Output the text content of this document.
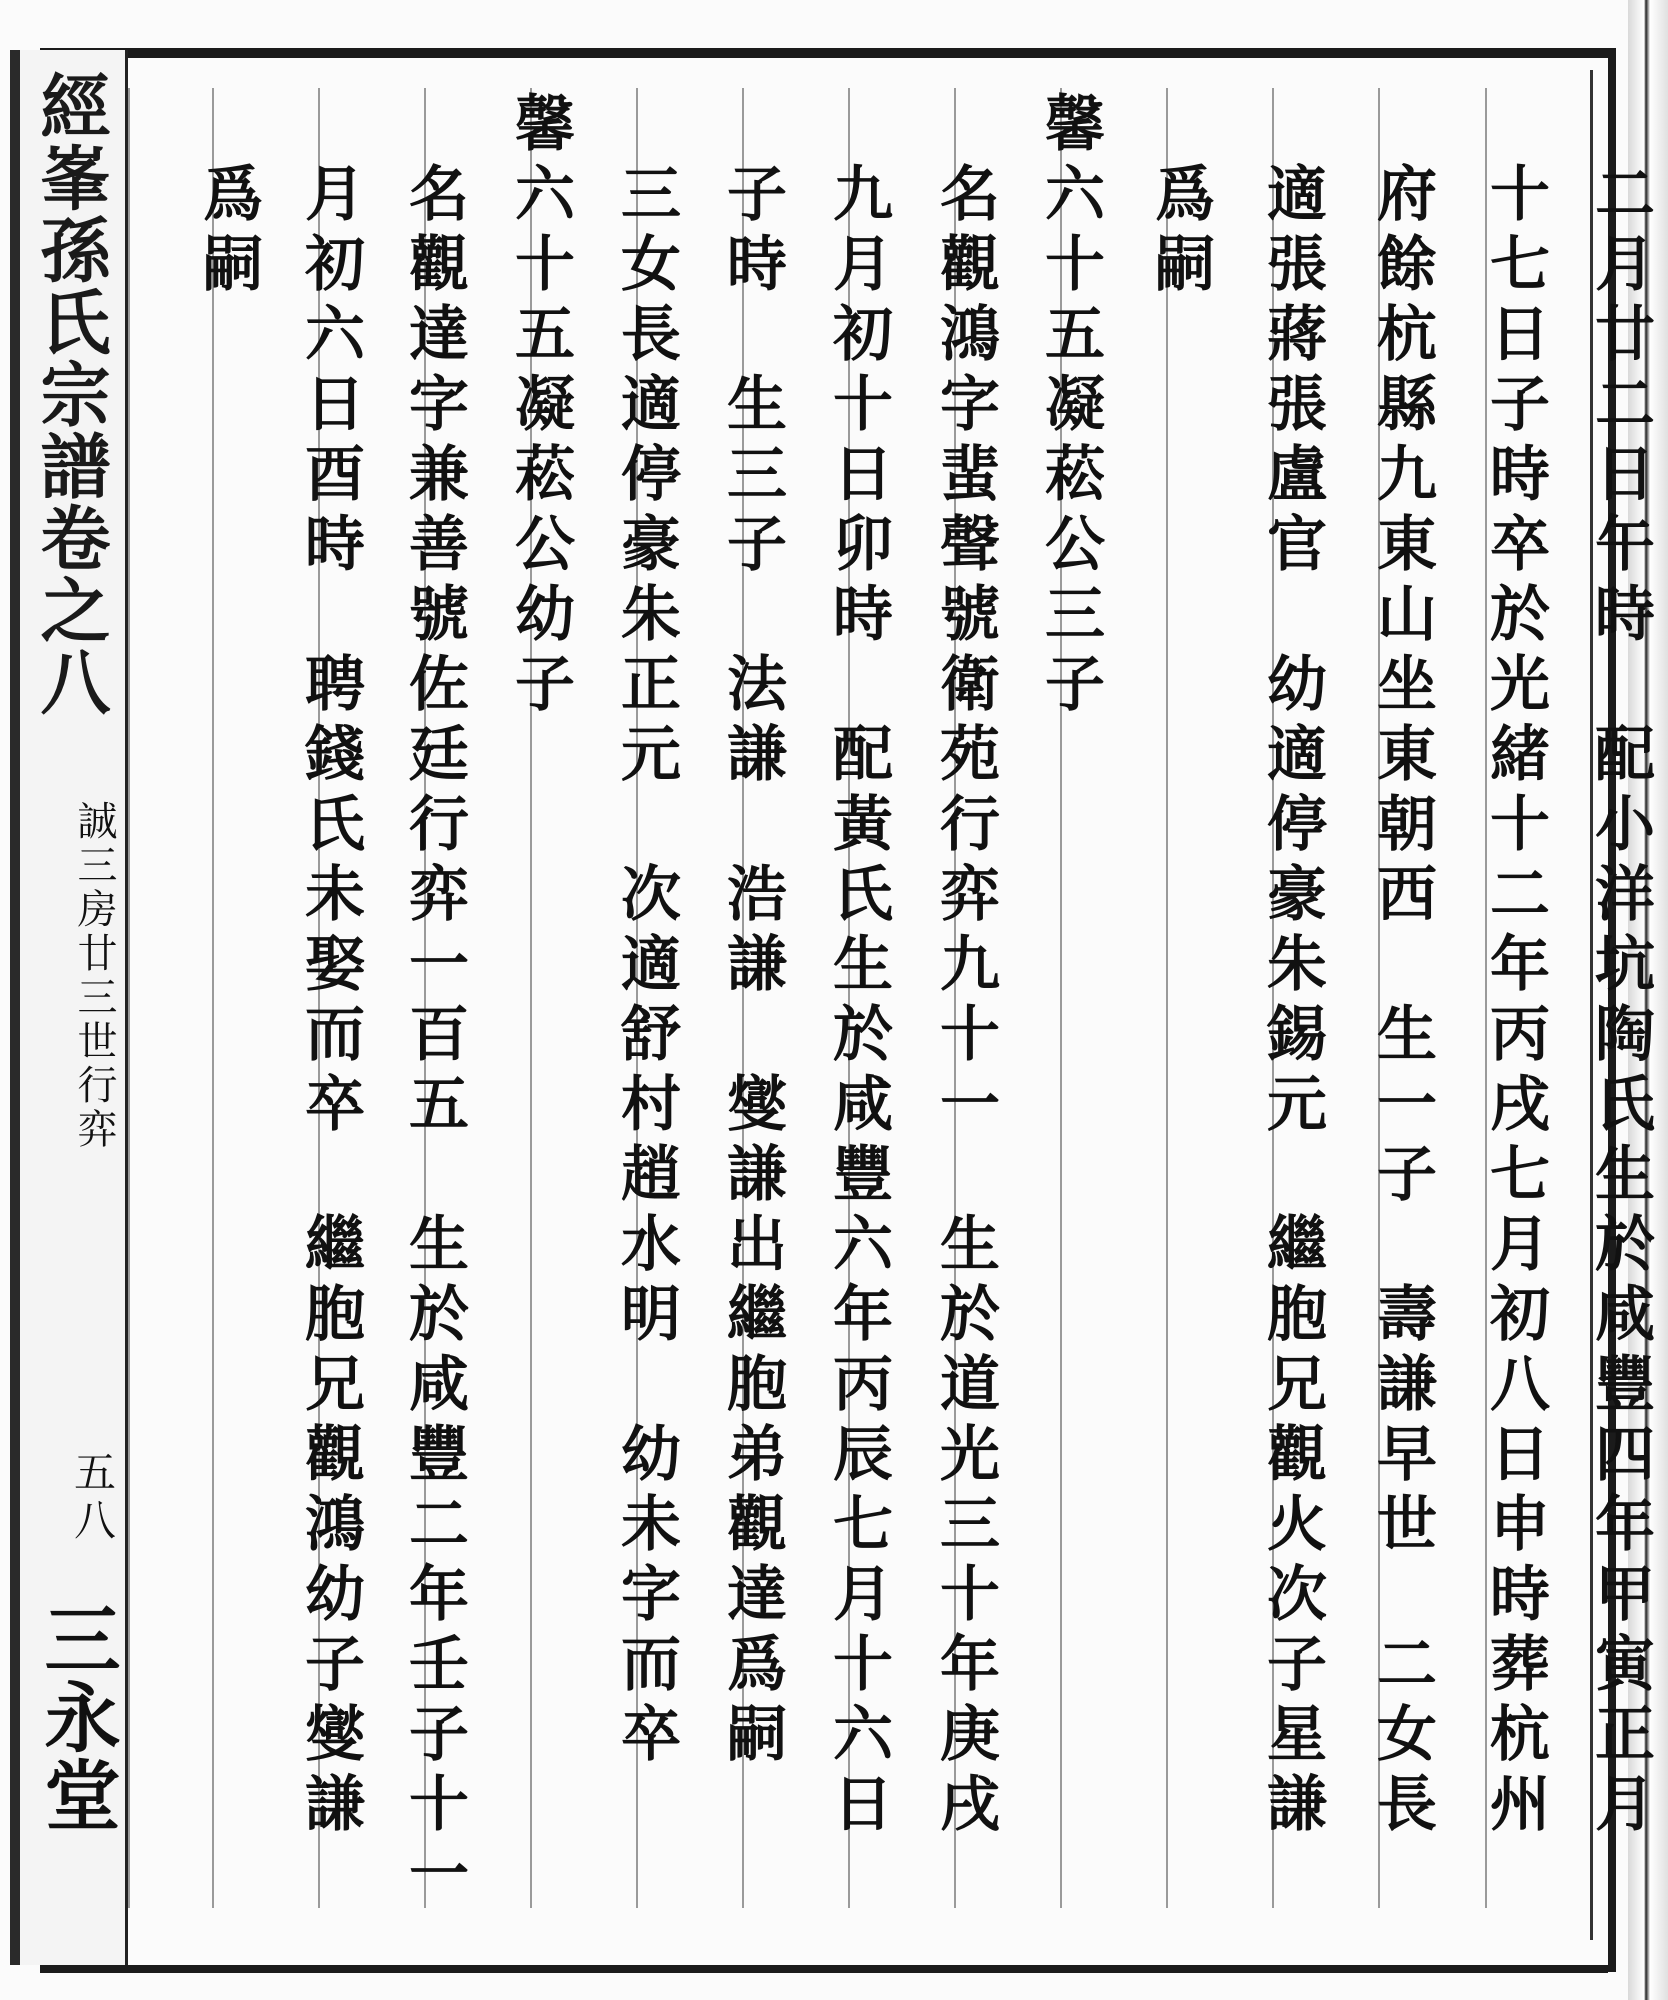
經峯孫氏宗譜卷之八
誠三房廿三世行弈
五八
三永堂	　二月廿二日午時　配小洋坑陶氏生於咸豐四年甲寅正月
　十七日子時卒於光緒十二年丙戌七月初八日申時葬杭州
　府餘杭縣九東山坐東朝西　生一子　壽謙早世　二女長
　適張蔣張盧官　幼適停豪朱錫元　繼胞兄觀火次子星謙
　爲嗣
馨六十五凝菘公三子
　名觀鴻字蜚聲號衛苑行弈九十一　生於道光三十年庚戌
　九月初十日卯時　配黃氏生於咸豐六年丙辰七月十六日
　子時　生三子　法謙　浩謙　燮謙出繼胞弟觀達爲嗣
　三女長適停豪朱正元　次適舒村趙水明　幼未字而卒
馨六十五凝菘公幼子
　名觀達字兼善號佐廷行弈一百五　生於咸豐二年壬子十一
　月初六日酉時　聘錢氏未娶而卒　繼胞兄觀鴻幼子燮謙
　爲嗣
